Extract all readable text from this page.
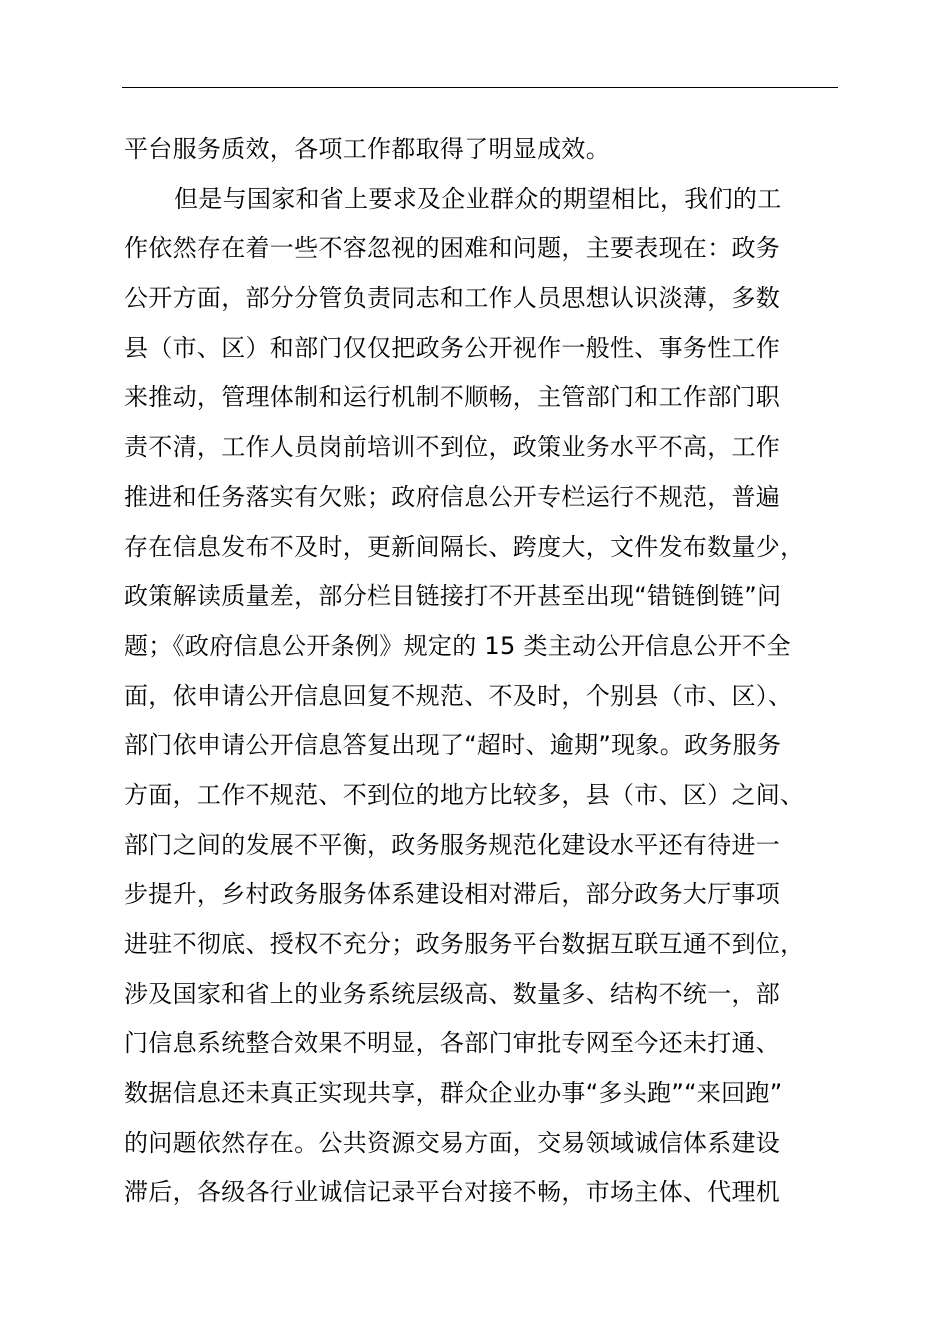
平台服务质效，各项工作都取得了明显成效。
但是与国家和省上要求及企业群众的期望相比，我们的工
作依然存在着一些不容忽视的困难和问题，主要表现在：政务
公开方面，部分分管负责同志和工作人员思想认识淡薄，多数
县（市、区）和部门仅仅把政务公开视作一般性、事务性工作
来推动，管理体制和运行机制不顺畅，主管部门和工作部门职
责不清，工作人员岗前培训不到位，政策业务水平不高，工作
推进和任务落实有欠账；政府信息公开专栏运行不规范，普遍
存在信息发布不及时，更新间隔长、跨度大，文件发布数量少，
政策解读质量差，部分栏目链接打不开甚至出现“错链倒链”问
题；《政府信息公开条例》规定的 15 类主动公开信息公开不全
面，依申请公开信息回复不规范、不及时，个别县（市、区）、
部门依申请公开信息答复出现了“超时、逾期”现象。政务服务
方面，工作不规范、不到位的地方比较多，县（市、区）之间、
部门之间的发展不平衡，政务服务规范化建设水平还有待进一
步提升，乡村政务服务体系建设相对滞后，部分政务大厅事项
进驻不彻底、授权不充分；政务服务平台数据互联互通不到位，
涉及国家和省上的业务系统层级高、数量多、结构不统一，部
门信息系统整合效果不明显，各部门审批专网至今还未打通、
数据信息还未真正实现共享，群众企业办事“多头跑”“来回跑”
的问题依然存在。公共资源交易方面，交易领域诚信体系建设
滞后，各级各行业诚信记录平台对接不畅，市场主体、代理机
